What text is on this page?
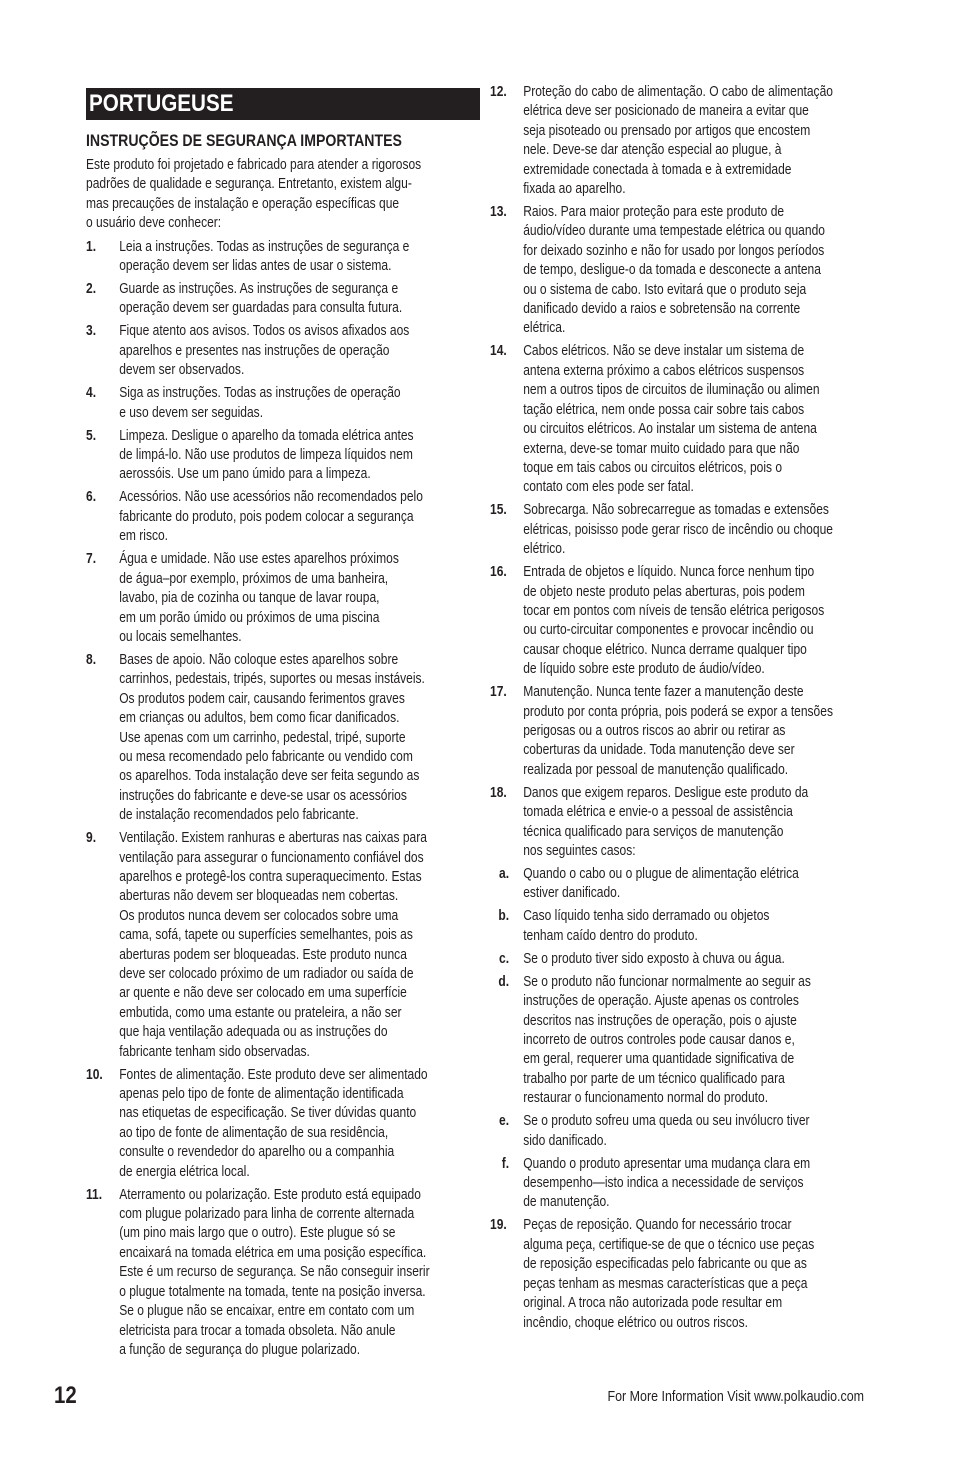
PORTUGEUSE
INSTRUÇÕES DE SEGURANÇA IMPORTANTES
Este produto foi projetado e fabricado para atender a rigorosos
padrões de qualidade e segurança. Entretanto, existem algu-
mas precauções de instalação e operação específicas que
o usuário deve conhecer:
1.	Leia a instruções. Todas as instruções de segurança e
operação devem ser lidas antes de usar o sistema.
2.	Guarde as instruções. As instruções de segurança e
operação devem ser guardadas para consulta futura.
3.	Fique atento aos avisos. Todos os avisos afixados aos
aparelhos e presentes nas instruções de operação
devem ser observados.
4.	Siga as instruções. Todas as instruções de operação
e uso devem ser seguidas.
5.	Limpeza. Desligue o aparelho da tomada elétrica antes
de limpá-lo. Não use produtos de limpeza líquidos nem
aerossóis. Use um pano úmido para a limpeza.
6.	Acessórios. Não use acessórios não recomendados pelo
fabricante do produto, pois podem colocar a segurança
em risco.
7.	Água e umidade. Não use estes aparelhos próximos
de água–por exemplo, próximos de uma banheira,
lavabo, pia de cozinha ou tanque de lavar roupa,
em um porão úmido ou próximos de uma piscina
ou locais semelhantes.
8.	Bases de apoio. Não coloque estes aparelhos sobre
carrinhos, pedestais, tripés, suportes ou mesas instáveis.
Os produtos podem cair, causando ferimentos graves
em crianças ou adultos, bem como ficar danificados.
Use apenas com um carrinho, pedestal, tripé, suporte
ou mesa recomendado pelo fabricante ou vendido com
os aparelhos. Toda instalação deve ser feita segundo as
instruções do fabricante e deve-se usar os acessórios
de instalação recomendados pelo fabricante.
9.	Ventilação. Existem ranhuras e aberturas nas caixas para
ventilação para assegurar o funcionamento confiável dos
aparelhos e protegê-los contra superaquecimento. Estas
aberturas não devem ser bloqueadas nem cobertas.
Os produtos nunca devem ser colocados sobre uma
cama, sofá, tapete ou superfícies semelhantes, pois as
aberturas podem ser bloqueadas. Este produto nunca
deve ser colocado próximo de um radiador ou saída de
ar quente e não deve ser colocado em uma superfície
embutida, como uma estante ou prateleira, a não ser
que haja ventilação adequada ou as instruções do
fabricante tenham sido observadas.
10.	Fontes de alimentação. Este produto deve ser alimentado
apenas pelo tipo de fonte de alimentação identificada
nas etiquetas de especificação. Se tiver dúvidas quanto
ao tipo de fonte de alimentação de sua residência,
consulte o revendedor do aparelho ou a companhia
de energia elétrica local.
11.	Aterramento ou polarização. Este produto está equipado
com plugue polarizado para linha de corrente alternada
(um pino mais largo que o outro). Este plugue só se
encaixará na tomada elétrica em uma posição específica.
Este é um recurso de segurança. Se não conseguir inserir
o plugue totalmente na tomada, tente na posição inversa.
Se o plugue não se encaixar, entre em contato com um
eletricista para trocar a tomada obsoleta. Não anule
a função de segurança do plugue polarizado.
12.	Proteção do cabo de alimentação. O cabo de alimentação
elétrica deve ser posicionado de maneira a evitar que
seja pisoteado ou prensado por artigos que encostem
nele. Deve-se dar atenção especial ao plugue, à
extremidade conectada à tomada e à extremidade
fixada ao aparelho.
13.	Raios. Para maior proteção para este produto de
áudio/vídeo durante uma tempestade elétrica ou quando
for deixado sozinho e não for usado por longos períodos
de tempo, desligue-o da tomada e desconecte a antena
ou o sistema de cabo. Isto evitará que o produto seja
danificado devido a raios e sobretensão na corrente
elétrica.
14.	Cabos elétricos. Não se deve instalar um sistema de
antena externa próximo a cabos elétricos suspensos
nem a outros tipos de circuitos de iluminação ou alimen
tação elétrica, nem onde possa cair sobre tais cabos
ou circuitos elétricos. Ao instalar um sistema de antena
externa, deve-se tomar muito cuidado para que não
toque em tais cabos ou circuitos elétricos, pois o
contato com eles pode ser fatal.
15.	Sobrecarga. Não sobrecarregue as tomadas e extensões
elétricas, poisisso pode gerar risco de incêndio ou choque
elétrico.
16.	Entrada de objetos e líquido. Nunca force nenhum tipo
de objeto neste produto pelas aberturas, pois podem
tocar em pontos com níveis de tensão elétrica perigosos
ou curto-circuitar componentes e provocar incêndio ou
causar choque elétrico. Nunca derrame qualquer tipo
de líquido sobre este produto de áudio/vídeo.
17.	Manutenção. Nunca tente fazer a manutenção deste
produto por conta própria, pois poderá se expor a tensões
perigosas ou a outros riscos ao abrir ou retirar as
coberturas da unidade. Toda manutenção deve ser
realizada por pessoal de manutenção qualificado.
18.	Danos que exigem reparos. Desligue este produto da
tomada elétrica e envie-o a pessoal de assistência
técnica qualificado para serviços de manutenção
nos seguintes casos:
a. Quando o cabo ou o plugue de alimentação elétrica
estiver danificado.
b. Caso líquido tenha sido derramado ou objetos
tenham caído dentro do produto.
c. Se o produto tiver sido exposto à chuva ou água.
d. Se o produto não funcionar normalmente ao seguir as
instruções de operação. Ajuste apenas os controles
descritos nas instruções de operação, pois o ajuste
incorreto de outros controles pode causar danos e,
em geral, requerer uma quantidade significativa de
trabalho por parte de um técnico qualificado para
restaurar o funcionamento normal do produto.
e. Se o produto sofreu uma queda ou seu invólucro tiver
sido danificado.
f. Quando o produto apresentar uma mudança clara em
desempenho—isto indica a necessidade de serviços
de manutenção.
19.	Peças de reposição. Quando for necessário trocar
alguma peça, certifique-se de que o técnico use peças
de reposição especificadas pelo fabricante ou que as
peças tenham as mesmas características que a peça
original. A troca não autorizada pode resultar em
incêndio, choque elétrico ou outros riscos.
12	For More Information Visit www.polkaudio.com
